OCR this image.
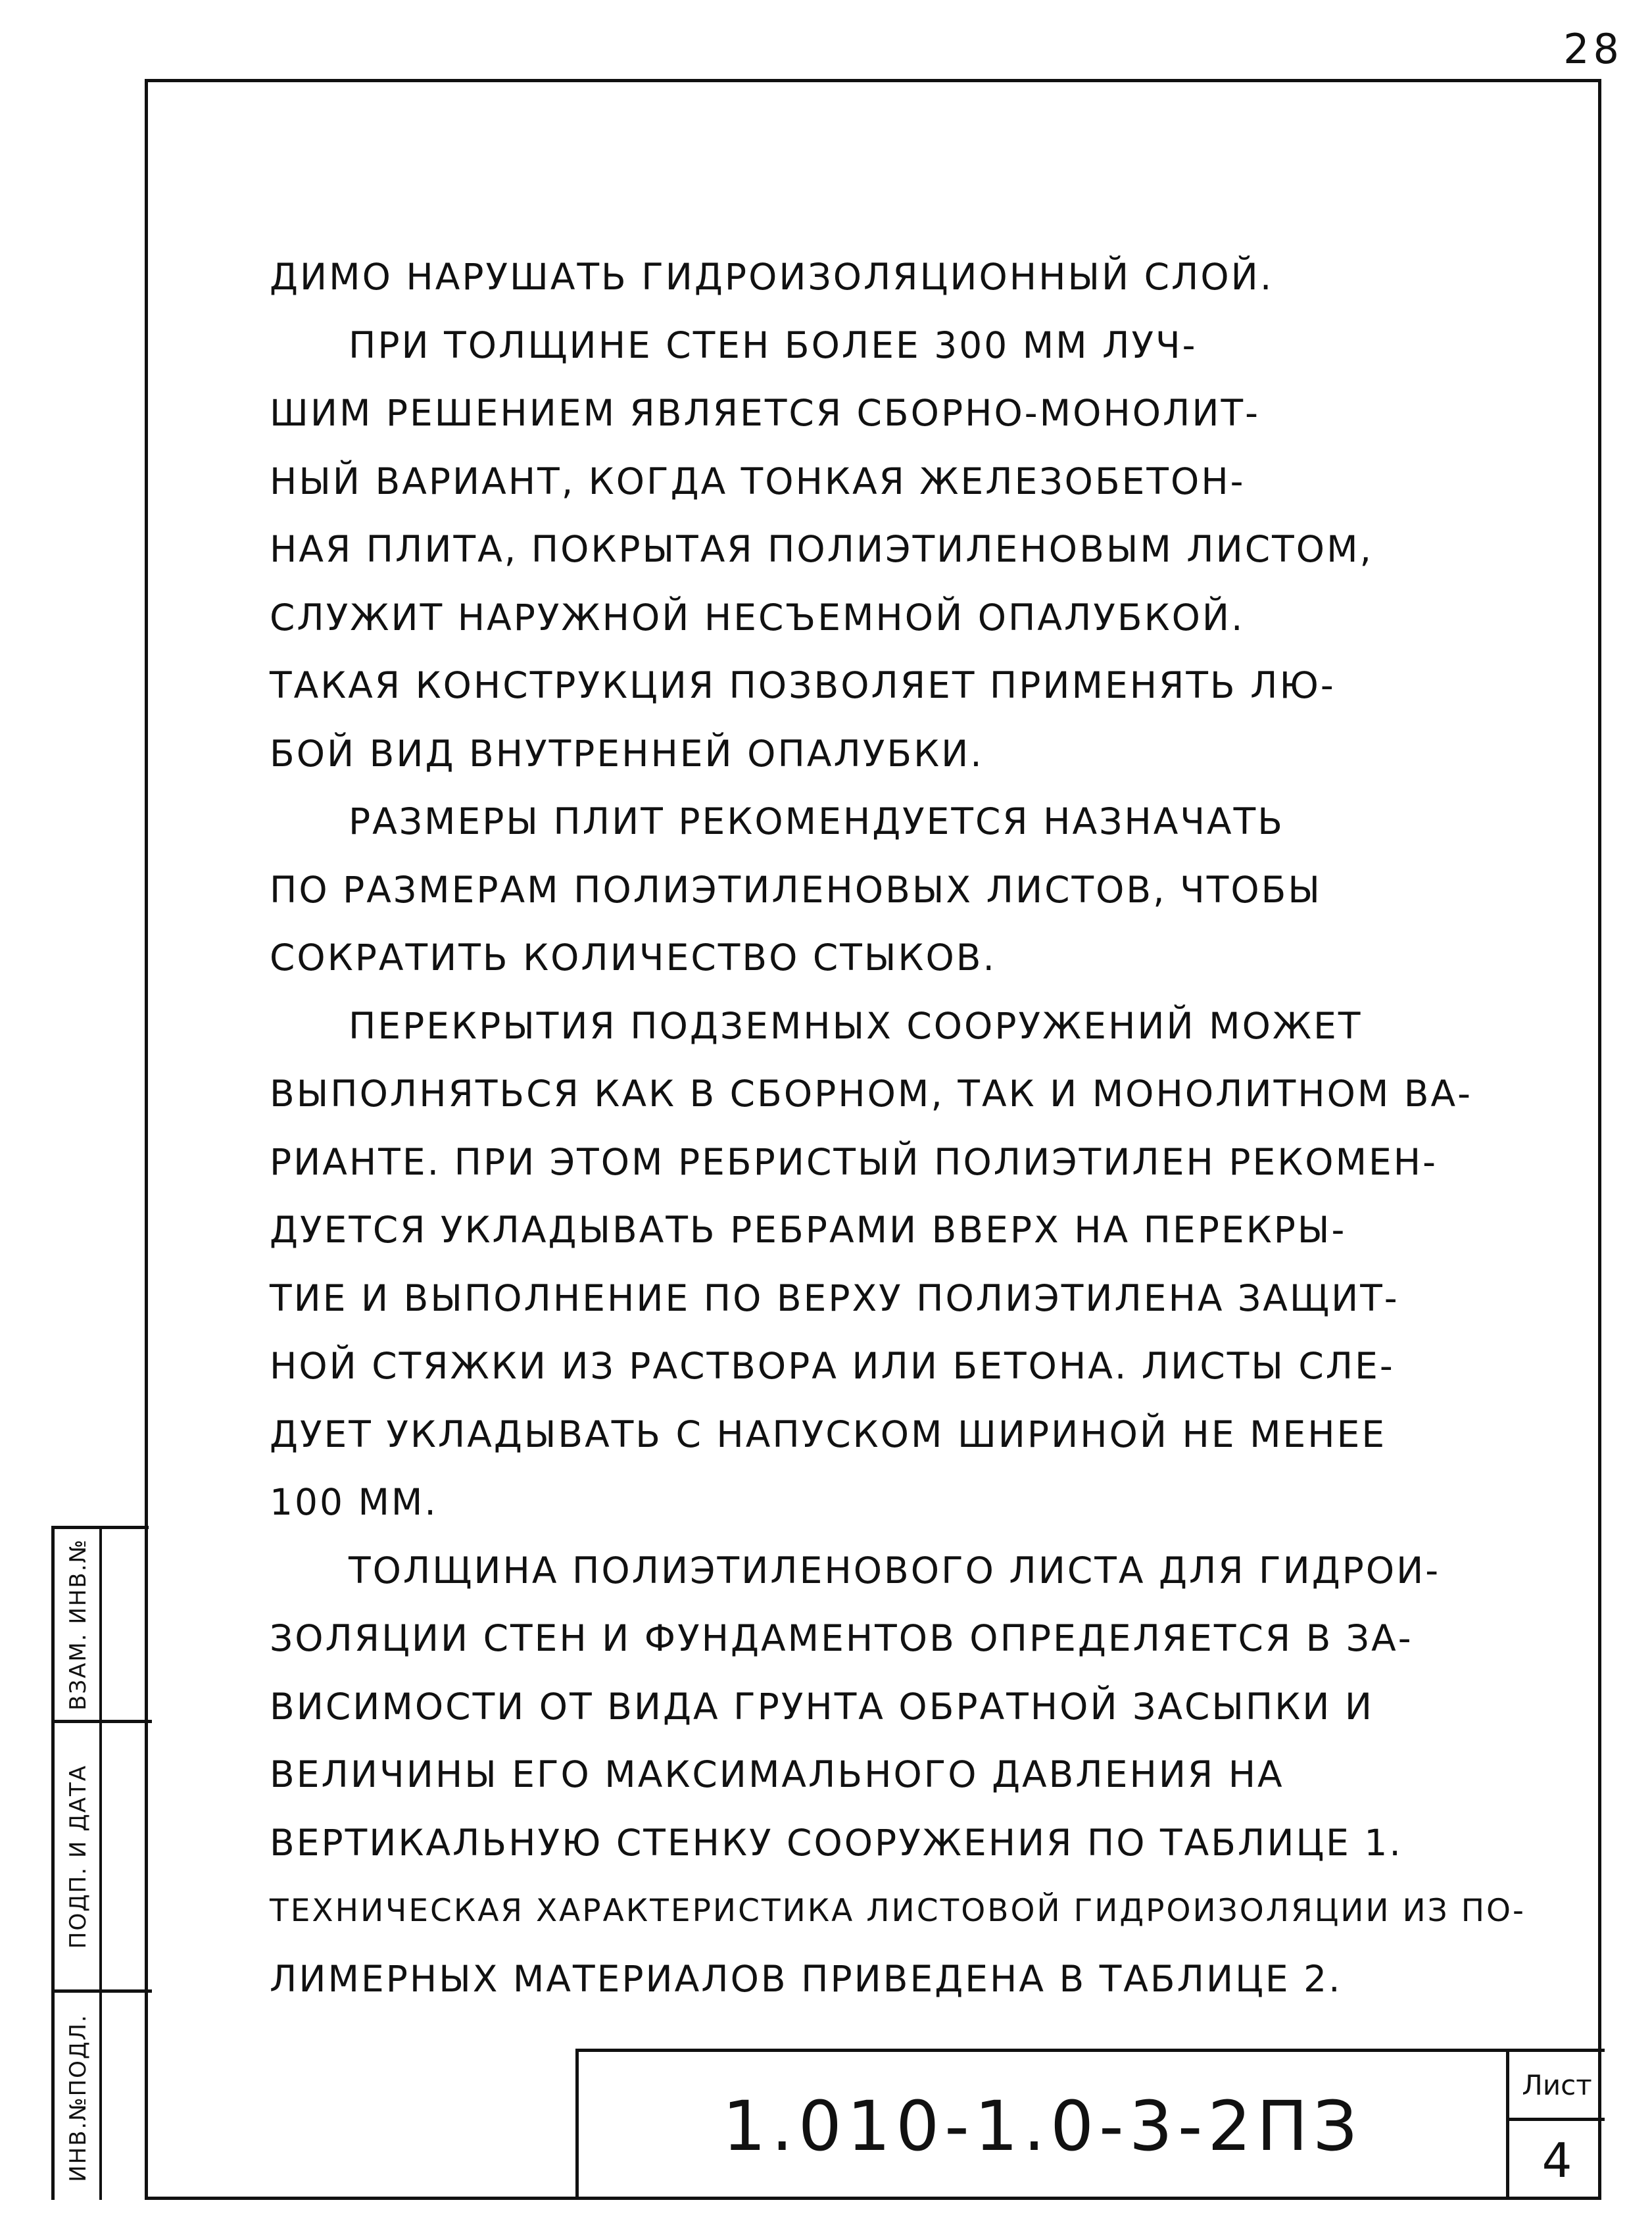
28

ДИМО НАРУШАТЬ ГИДРОИЗОЛЯЦИОННЫЙ СЛОЙ.

ПРИ ТОЛЩИНЕ СТЕН БОЛЕЕ 300 ММ ЛУЧ-
ШИМ РЕШЕНИЕМ ЯВЛЯЕТСЯ СБОРНО-МОНОЛИТ-
НЫЙ ВАРИАНТ, КОГДА ТОНКАЯ ЖЕЛЕЗОБЕТОН-
НАЯ ПЛИТА, ПОКРЫТАЯ ПОЛИЭТИЛЕНОВЫМ ЛИСТОМ,
СЛУЖИТ НАРУЖНОЙ НЕСЪЕМНОЙ ОПАЛУБКОЙ.
ТАКАЯ КОНСТРУКЦИЯ ПОЗВОЛЯЕТ ПРИМЕНЯТЬ ЛЮ-
БОЙ ВИД ВНУТРЕННЕЙ ОПАЛУБКИ.

РАЗМЕРЫ ПЛИТ РЕКОМЕНДУЕТСЯ НАЗНАЧАТЬ
ПО РАЗМЕРАМ ПОЛИЭТИЛЕНОВЫХ ЛИСТОВ, ЧТОБЫ
СОКРАТИТЬ КОЛИЧЕСТВО СТЫКОВ.

ПЕРЕКРЫТИЯ ПОДЗЕМНЫХ СООРУЖЕНИЙ МОЖЕТ
ВЫПОЛНЯТЬСЯ КАК В СБОРНОМ, ТАК И МОНОЛИТНОМ ВА-
РИАНТЕ. ПРИ ЭТОМ РЕБРИСТЫЙ ПОЛИЭТИЛЕН РЕКОМЕН-
ДУЕТСЯ УКЛАДЫВАТЬ РЕБРАМИ ВВЕРХ НА ПЕРЕКРЫ-
ТИЕ И ВЫПОЛНЕНИЕ ПО ВЕРХУ ПОЛИЭТИЛЕНА ЗАЩИТ-
НОЙ СТЯЖКИ ИЗ РАСТВОРА ИЛИ БЕТОНА. ЛИСТЫ СЛЕ-
ДУЕТ УКЛАДЫВАТЬ С НАПУСКОМ ШИРИНОЙ НЕ МЕНЕЕ
100 ММ.

ТОЛЩИНА ПОЛИЭТИЛЕНОВОГО ЛИСТА ДЛЯ ГИДРОИ-
ЗОЛЯЦИИ СТЕН И ФУНДАМЕНТОВ ОПРЕДЕЛЯЕТСЯ В ЗА-
ВИСИМОСТИ ОТ ВИДА ГРУНТА ОБРАТНОЙ ЗАСЫПКИ И
ВЕЛИЧИНЫ ЕГО МАКСИМАЛЬНОГО ДАВЛЕНИЯ НА
ВЕРТИКАЛЬНУЮ СТЕНКУ СООРУЖЕНИЯ ПО ТАБЛИЦЕ 1.
ТЕХНИЧЕСКАЯ ХАРАКТЕРИСТИКА ЛИСТОВОЙ ГИДРОИЗОЛЯЦИИ ИЗ ПО-
ЛИМЕРНЫХ МАТЕРИАЛОВ ПРИВЕДЕНА В ТАБЛИЦЕ 2.

ВЗАМ. ИНВ.№
ПОДП. И ДАТА
ИНВ.№ПОДЛ.	1.010-1.0-3-2ПЗ
Лист
4
